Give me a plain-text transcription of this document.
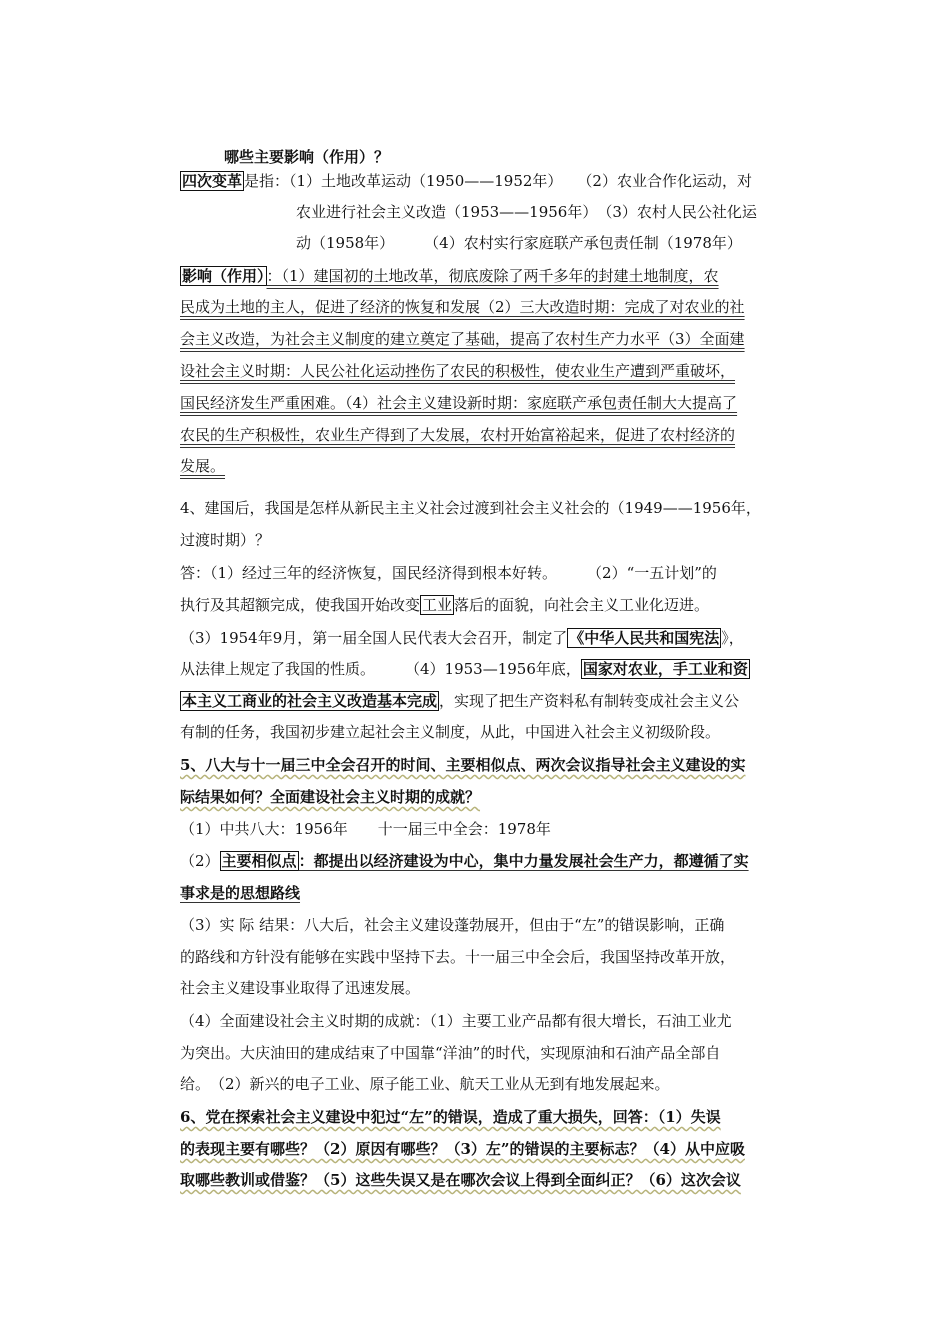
哪些主要影响（作用）？
四次变革 是指：（1）土地改革运动（1950——1952年）　　（2）农业合作化运动，对
农业进行社会主义改造（1953——1956年）　（3）农村人民公社化运
动（1958年）　　　（4）农村实行家庭联产承包责任制（1978年）
影响（作用） ：（1）建国初的土地改革，彻底废除了两千多年的封建土地制度，农
民成为土地的主人，促进了经济的恢复和发展（2）三大改造时期：完成了对农业的社
会主义改造，为社会主义制度的建立奠定了基础，提高了农村生产力水平（3）全面建
设社会主义时期：人民公社化运动挫伤了农民的积极性，使农业生产遭到严重破坏，
国民经济发生严重困难。（4）社会主义建设新时期：家庭联产承包责任制大大提高了
农民的生产积极性，农业生产得到了大发展，农村开始富裕起来，促进了农村经济的
发展。
4、建国后，我国是怎样从新民主主义社会过渡到社会主义社会的（1949——1956年，
过渡时期）？
答：（1）经过三年的经济恢复，国民经济得到根本好转。　　　（2）“一五计划”的
执行及其超额完成，使我国开始改变 工业 落后的面貌，向社会主义工业化迈进。
（3）1954年9月，第一届全国人民代表大会召开，制定了 《中华人民共和国宪法 》，
从法律上规定了我国的性质。　　　（4）1953—1956年底， 国家对农业，手工业和资
本主义工商业的社会主义改造基本完成 ，实现了把生产资料私有制转变成社会主义公
有制的任务，我国初步建立起社会主义制度，从此，中国进入社会主义初级阶段。
5、八大与十一届三中全会召开的时间、主要相似点、两次会议指导社会主义建设的实
际结果如何？全面建设社会主义时期的成就？
（1）中共八大：1956年　　十一届三中全会：1978年
（2） 主要相似点 ：都提出以经济建设为中心，集中力量发展社会生产力，都遵循了实
事求是的思想路线
（3）实 际 结果：八大后，社会主义建设蓬勃展开，但由于“左”的错误影响，正确
的路线和方针没有能够在实践中坚持下去。十一届三中全会后，我国坚持改革开放，
社会主义建设事业取得了迅速发展。
（4）全面建设社会主义时期的成就：（1）主要工业产品都有很大增长，石油工业尤
为突出。大庆油田的建成结束了中国靠“洋油”的时代，实现原油和石油产品全部自
给。　（2）新兴的电子工业、原子能工业、航天工业从无到有地发展起来。
6、党在探索社会主义建设中犯过“左”的错误，造成了重大损失，回答：（1）失误
的表现主要有哪些？（2）原因有哪些？（3）左”的错误的主要标志？（4）从中应吸
取哪些教训或借鉴？（5）这些失误又是在哪次会议上得到全面纠正？（6）这次会议
